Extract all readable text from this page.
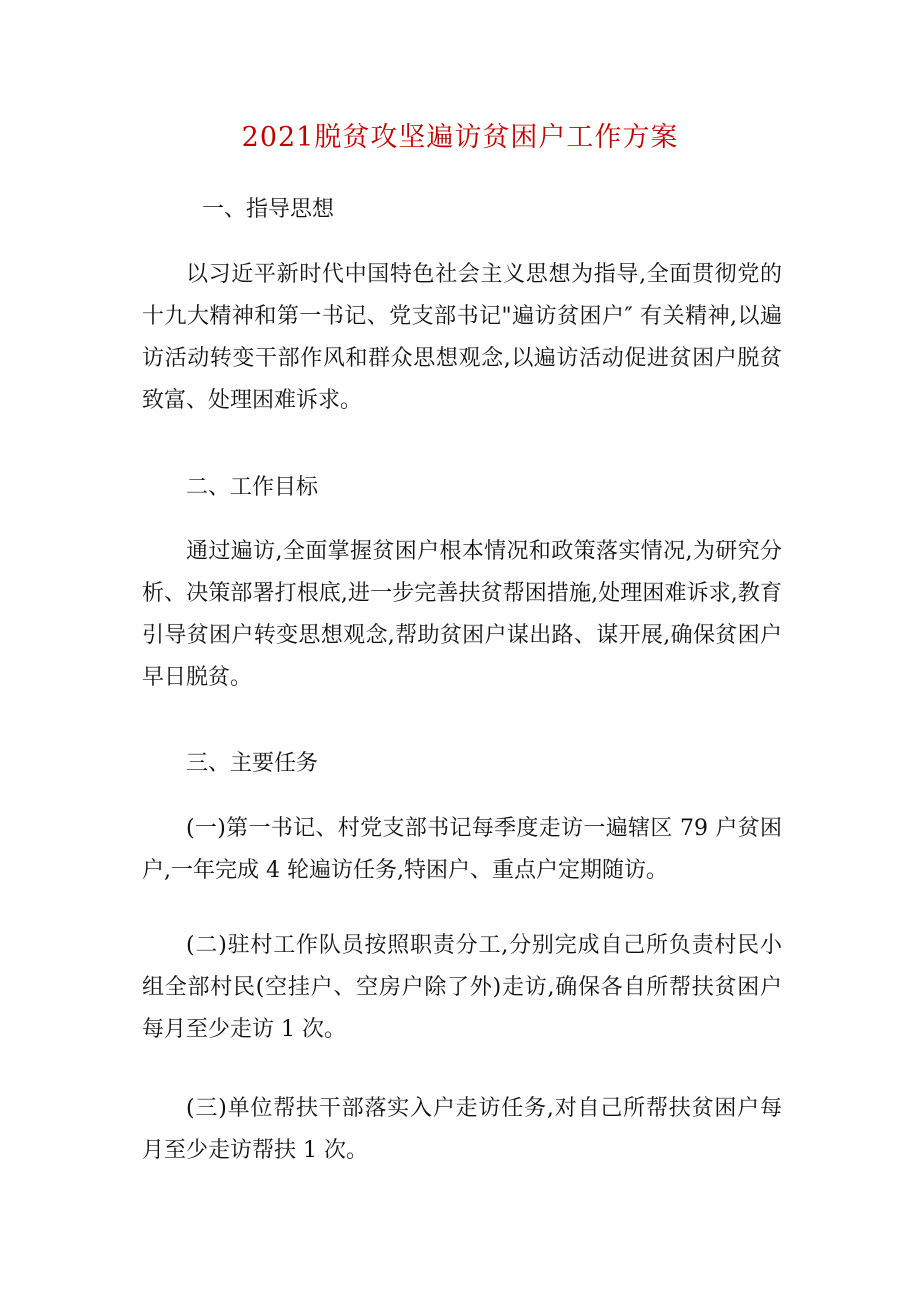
2021脱贫攻坚遍访贫困户工作方案

一、指导思想

以习近平新时代中国特色社会主义思想为指导,全面贯彻党的十九大精神和第一书记、党支部书记"遍访贫困户″ 有关精神,以遍访活动转变干部作风和群众思想观念,以遍访活动促进贫困户脱贫致富、处理困难诉求。

二、工作目标

通过遍访,全面掌握贫困户根本情况和政策落实情况,为研究分析、决策部署打根底,进一步完善扶贫帮困措施,处理困难诉求,教育引导贫困户转变思想观念,帮助贫困户谋出路、谋开展,确保贫困户早日脱贫。

三、主要任务

(一)第一书记、村党支部书记每季度走访一遍辖区 79 户贫困户,一年完成 4 轮遍访任务,特困户、重点户定期随访。

(二)驻村工作队员按照职责分工,分别完成自己所负责村民小组全部村民(空挂户、空房户除了外)走访,确保各自所帮扶贫困户每月至少走访 1 次。

(三)单位帮扶干部落实入户走访任务,对自己所帮扶贫困户每月至少走访帮扶 1 次。
